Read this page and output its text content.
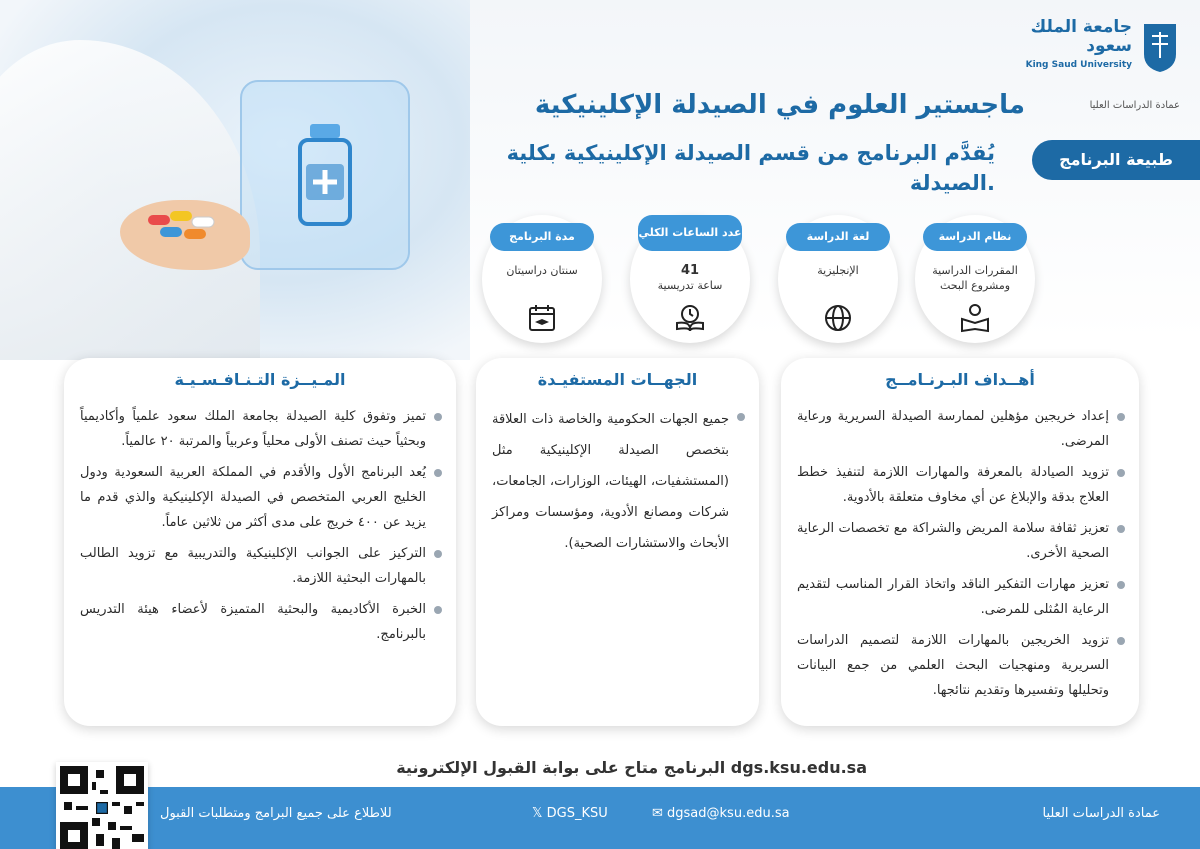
جامعة الملك سعود
King Saud University
عمادة الدراسات العليا
ماجستير العلوم في الصيدلة الإكلينيكية
طبيعة البرنامج
يُقدَّم البرنامج من قسم الصيدلة الإكلينيكية بكلية الصيدلة.
نظام الدراسة
المقررات الدراسية ومشروع البحث
لغة الدراسة
الإنجليزية
عدد الساعات الكلي
41
ساعة تدريسية
مدة البرنامج
سنتان دراسيتان
أهــداف البـرنـامــج
إعداد خريجين مؤهلين لممارسة الصيدلة السريرية ورعاية المرضى.
تزويد الصيادلة بالمعرفة والمهارات اللازمة لتنفيذ خطط العلاج بدقة والإبلاغ عن أي مخاوف متعلقة بالأدوية.
تعزيز ثقافة سلامة المريض والشراكة مع تخصصات الرعاية الصحية الأخرى.
تعزيز مهارات التفكير الناقد واتخاذ القرار المناسب لتقديم الرعاية المُثلى للمرضى.
تزويد الخريجين بالمهارات اللازمة لتصميم الدراسات السريرية ومنهجيات البحث العلمي من جمع البيانات وتحليلها وتفسيرها وتقديم نتائجها.
الجهــات المستفيـدة
جميع الجهات الحكومية والخاصة ذات العلاقة بتخصص الصيدلة الإكلينيكية مثل (المستشفيات، الهيئات، الوزارات، الجامعات، شركات ومصانع الأدوية، ومؤسسات ومراكز الأبحاث والاستشارات الصحية).
المـيــزة التـنـافـسـيـة
تميز وتفوق كلية الصيدلة بجامعة الملك سعود علمياً وأكاديمياً وبحثياً حيث تصنف الأولى محلياً وعربياً والمرتبة ٢٠ عالمياً.
يُعد البرنامج الأول والأقدم في المملكة العربية السعودية ودول الخليج العربي المتخصص في الصيدلة الإكلينيكية والذي قدم ما يزيد عن ٤٠٠ خريج على مدى أكثر من ثلاثين عاماً.
التركيز على الجوانب الإكلينيكية والتدريبية مع تزويد الطالب بالمهارات البحثية اللازمة.
الخبرة الأكاديمية والبحثية المتميزة لأعضاء هيئة التدريس بالبرنامج.
البرنامج متاح على بوابة القبول الإلكترونية dgs.ksu.edu.sa
عمادة الدراسات العليا
✉ dgsad@ksu.edu.sa
𝕏 DGS_KSU
للاطلاع على جميع البرامج ومتطلبات القبول
